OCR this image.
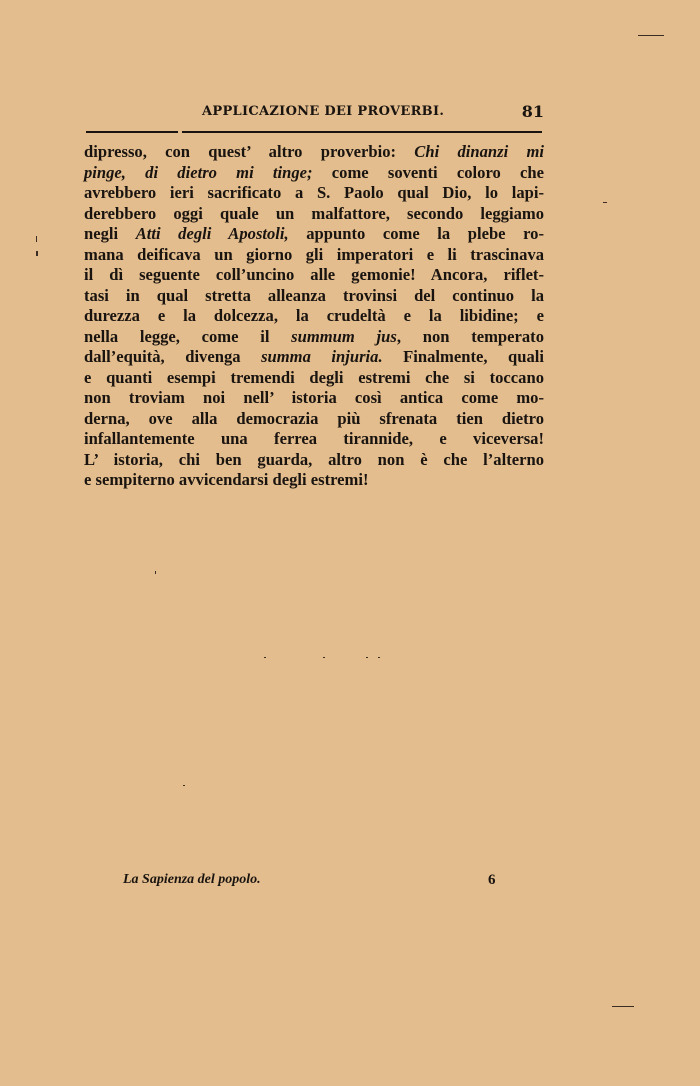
APPLICAZIONE DEI PROVERBI.	81
dipresso, con quest’ altro proverbio: Chi dinanzi mi
pinge, di dietro mi tinge; come soventi coloro che
avrebbero ieri sacrificato a S. Paolo qual Dio, lo lapi-
derebbero oggi quale un malfattore, secondo leggiamo
negli Atti degli Apostoli, appunto come la plebe ro-
mana deificava un giorno gli imperatori e li trascinava
il dì seguente coll’uncino alle gemonie! Ancora, riflet-
tasi in qual stretta alleanza trovinsi del continuo la
durezza e la dolcezza, la crudeltà e la libidine; e
nella legge, come il summum jus, non temperato
dall’equità, divenga summa injuria. Finalmente, quali
e quanti esempi tremendi degli estremi che si toccano
non troviam noi nell’ istoria così antica come mo-
derna, ove alla democrazia più sfrenata tien dietro
infallantemente una ferrea tirannide, e viceversa!
L’ istoria, chi ben guarda, altro non è che l’alterno
e sempiterno avvicendarsi degli estremi!
La Sapienza del popolo.	6
